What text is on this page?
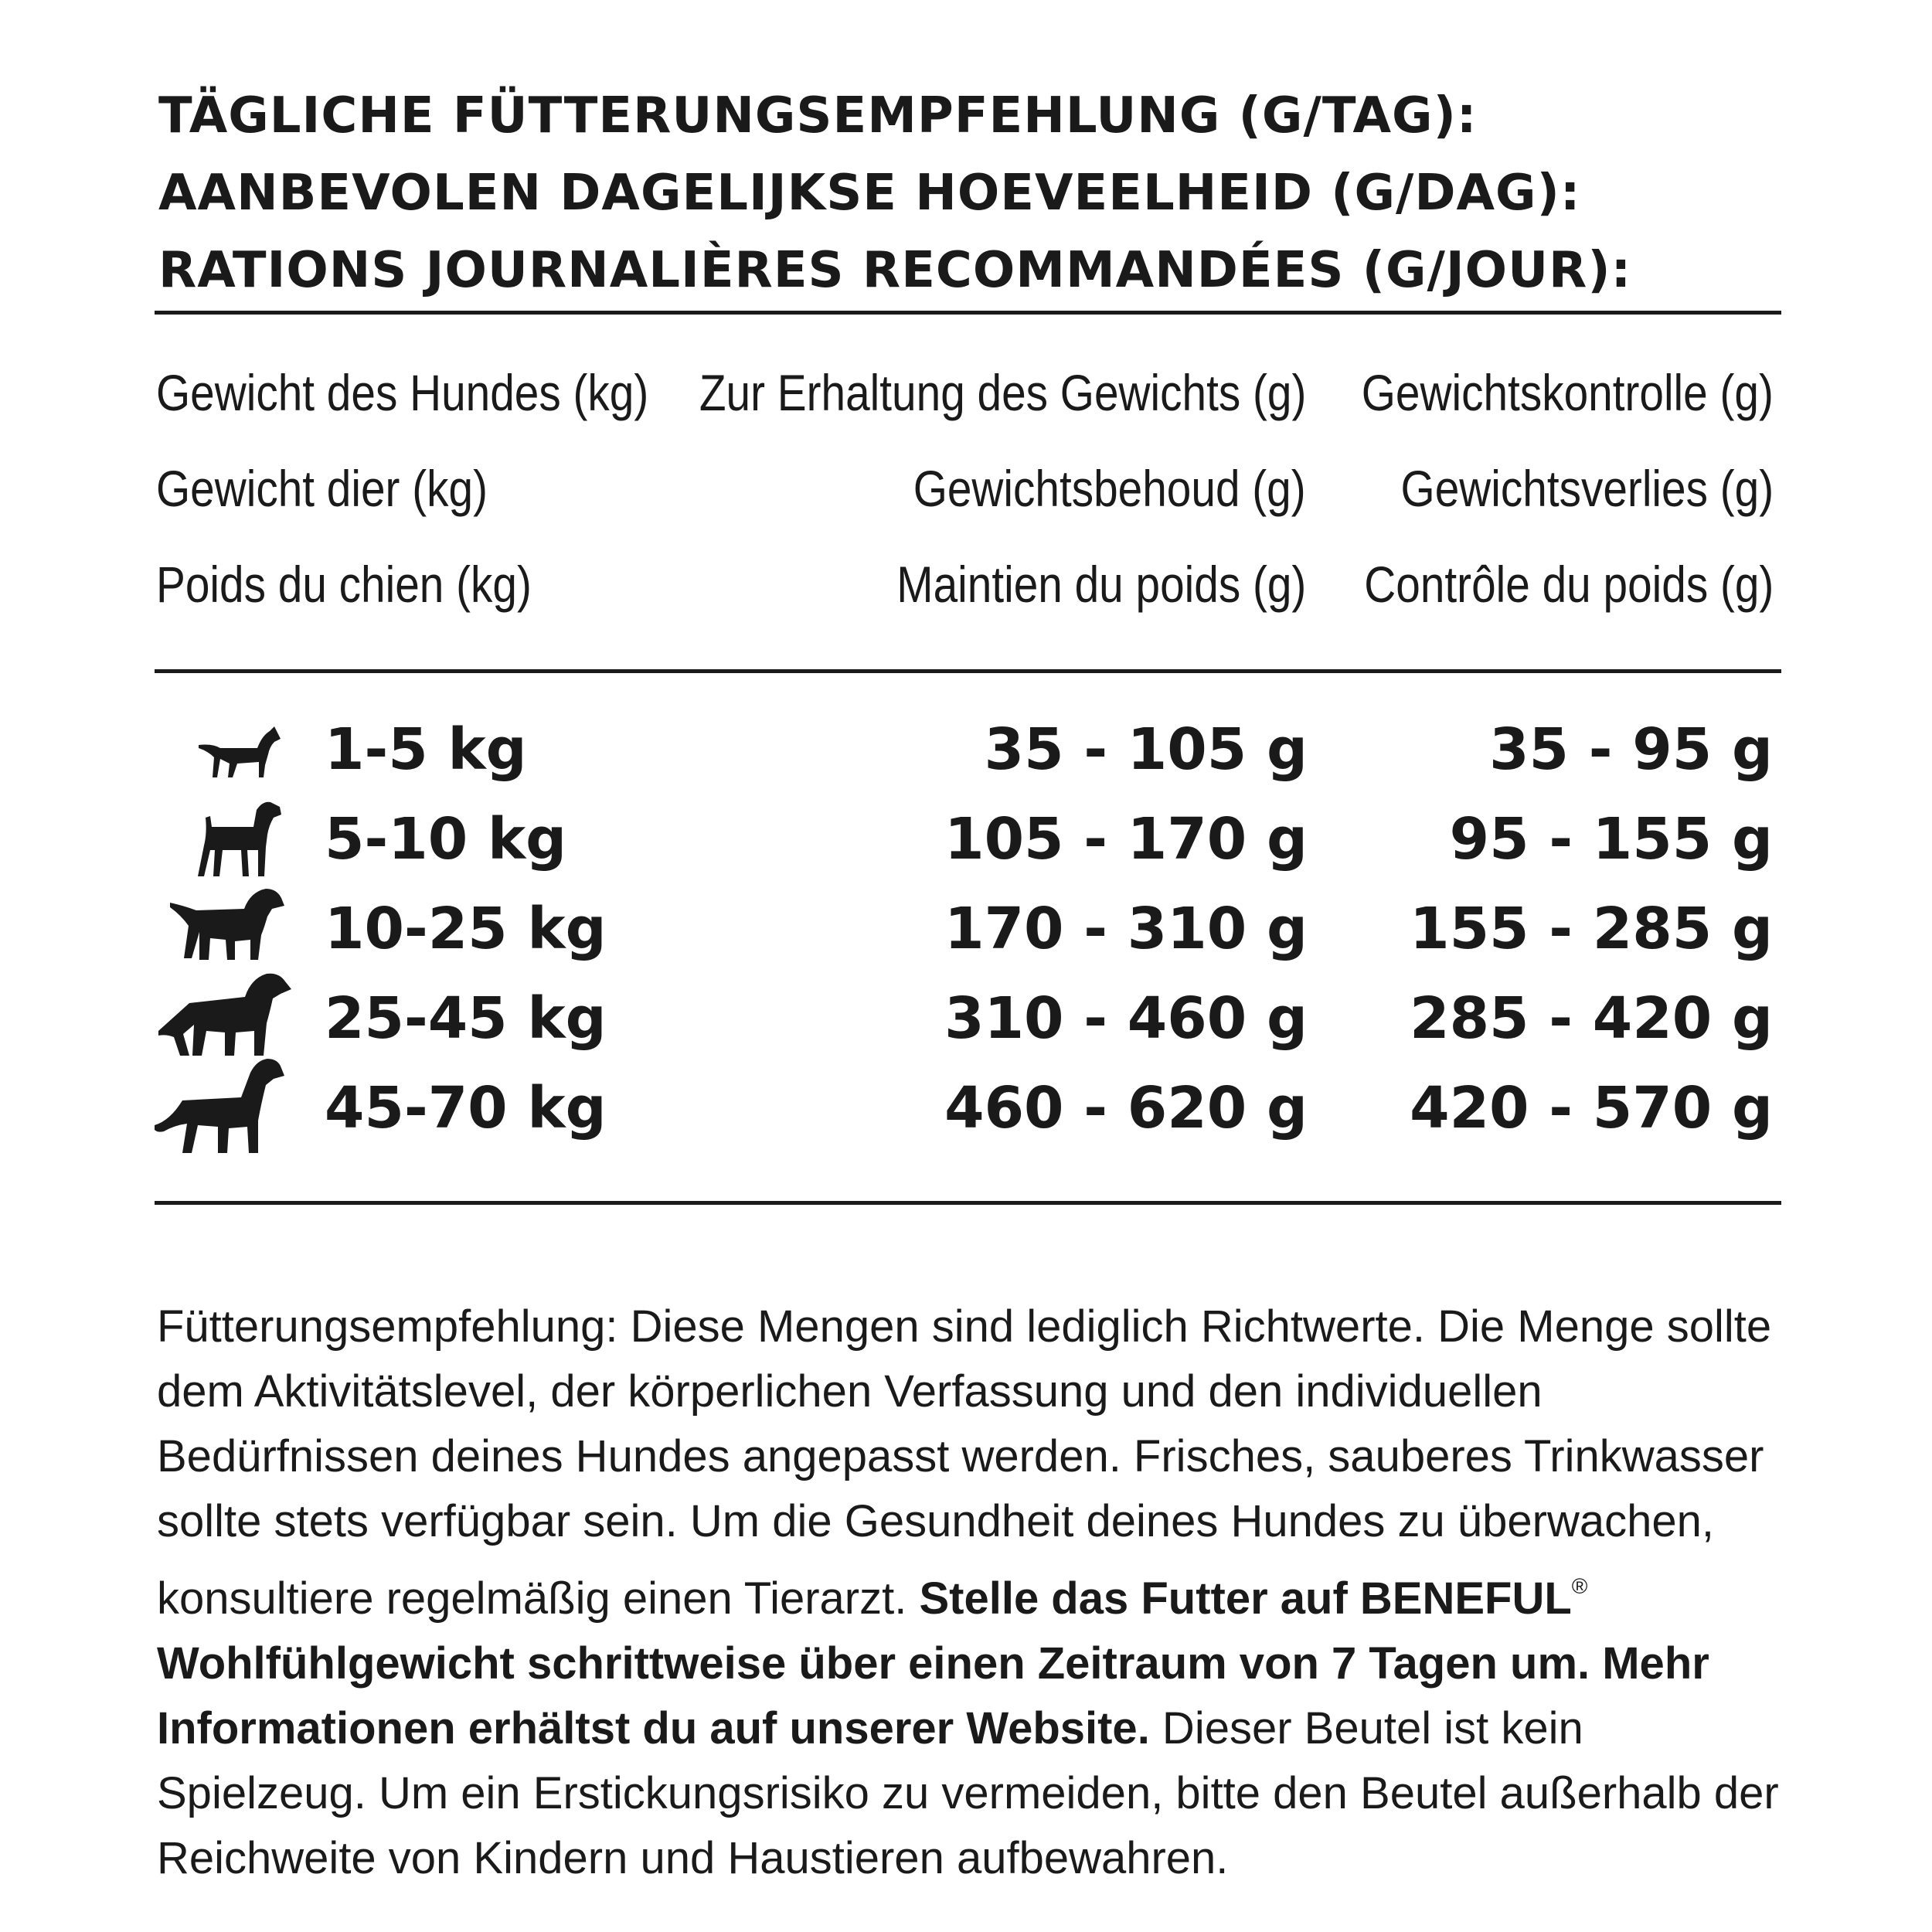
TÄGLICHE FÜTTERUNGSEMPFEHLUNG (G/TAG):
AANBEVOLEN DAGELIJKSE HOEVEELHEID (G/DAG):
RATIONS JOURNALIÈRES RECOMMANDÉES (G/JOUR):
Gewicht des Hundes (kg) Zur Erhaltung des Gewichts (g) Gewichtskontrolle (g)
Gewicht dier (kg)	Gewichtsbehoud (g) Gewichtsverlies (g)
Poids du chien (kg)	Maintien du poids (g) Contrôle du poids (g)
1-5 kg	35 - 105 g	35 - 95 g
5-10 kg	105 - 170 g 95 - 155 g
10-25 kg	170 - 310 g 155 - 285 g
25-45 kg	310 - 460 g 285 - 420 g
45-70 kg	460 - 620 g 420 - 570 g
Fütterungsempfehlung: Diese Mengen sind lediglich Richtwerte. Die Menge sollte dem Aktivitätslevel, der körperlichen Verfassung und den individuellen Bedürfnissen deines Hundes angepasst werden. Frisches, sauberes Trinkwasser sollte stets verfügbar sein. Um die Gesundheit deines Hundes zu überwachen, konsultiere regelmäßig einen Tierarzt. Stelle das Futter auf BENEFUL® Wohlfühlgewicht schrittweise über einen Zeitraum von 7 Tagen um. Mehr Informationen erhältst du auf unserer Website. Dieser Beutel ist kein Spielzeug. Um ein Erstickungsrisiko zu vermeiden, bitte den Beutel außerhalb der Reichweite von Kindern und Haustieren aufbewahren.
